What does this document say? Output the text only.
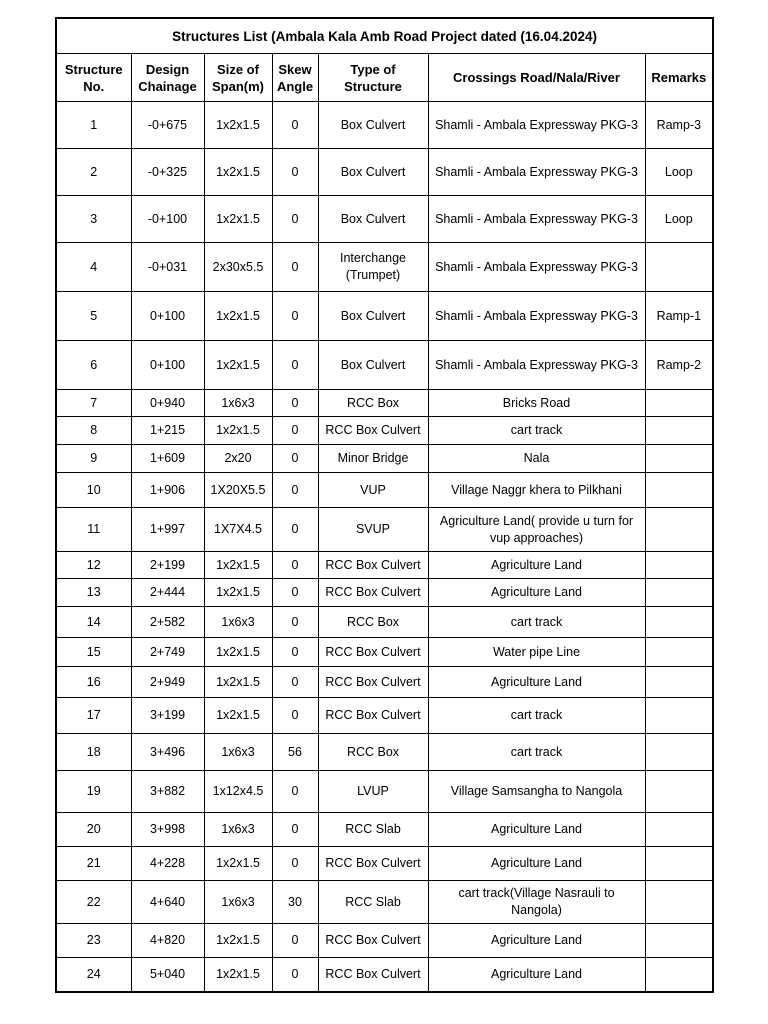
Structures List (Ambala Kala Amb Road Project dated (16.04.2024)						
Structure No.	Design Chainage	Size of Span(m)	Skew Angle	Type of Structure	Crossings Road/Nala/River	Remarks
1	-0+675	1x2x1.5	0	Box Culvert	Shamli - Ambala Expressway PKG-3	Ramp-3
2	-0+325	1x2x1.5	0	Box Culvert	Shamli - Ambala Expressway PKG-3	Loop
3	-0+100	1x2x1.5	0	Box Culvert	Shamli - Ambala Expressway PKG-3	Loop
4	-0+031	2x30x5.5	0	Interchange (Trumpet)	Shamli - Ambala Expressway PKG-3	
5	0+100	1x2x1.5	0	Box Culvert	Shamli - Ambala Expressway PKG-3	Ramp-1
6	0+100	1x2x1.5	0	Box Culvert	Shamli - Ambala Expressway PKG-3	Ramp-2
7	0+940	1x6x3	0	RCC Box	Bricks Road	
8	1+215	1x2x1.5	0	RCC Box Culvert	cart track	
9	1+609	2x20	0	Minor Bridge	Nala	
10	1+906	1X20X5.5	0	VUP	Village Naggr khera to Pilkhani	
11	1+997	1X7X4.5	0	SVUP	Agriculture Land( provide u turn for vup approaches)	
12	2+199	1x2x1.5	0	RCC Box Culvert	Agriculture Land	
13	2+444	1x2x1.5	0	RCC Box Culvert	Agriculture Land	
14	2+582	1x6x3	0	RCC Box	cart track	
15	2+749	1x2x1.5	0	RCC Box Culvert	Water pipe Line	
16	2+949	1x2x1.5	0	RCC Box Culvert	Agriculture Land	
17	3+199	1x2x1.5	0	RCC Box Culvert	cart track	
18	3+496	1x6x3	56	RCC Box	cart track	
19	3+882	1x12x4.5	0	LVUP	Village Samsangha to Nangola	
20	3+998	1x6x3	0	RCC Slab	Agriculture Land	
21	4+228	1x2x1.5	0	RCC Box Culvert	Agriculture Land	
22	4+640	1x6x3	30	RCC Slab	cart track(Village Nasrauli to Nangola)	
23	4+820	1x2x1.5	0	RCC Box Culvert	Agriculture Land	
24	5+040	1x2x1.5	0	RCC Box Culvert	Agriculture Land	
